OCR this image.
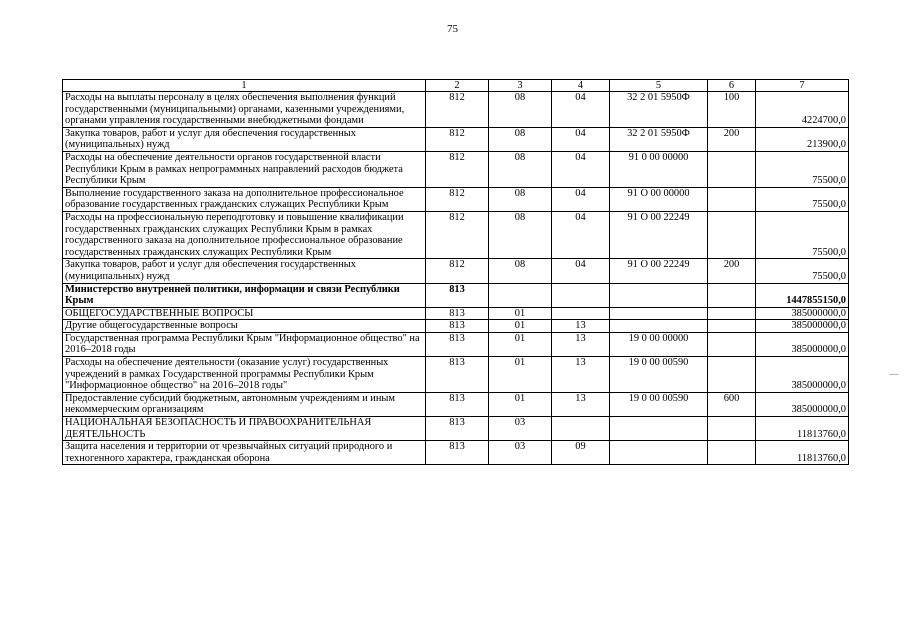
75
1	2	3	4	5	6	7
Расходы на выплаты персоналу в целях обеспечения выполнения функций государственными (муниципальными) органами, казенными учреждениями, органами управления государственными внебюджетными фондами	812	08	04	32 2 01 5950Ф	100	4224700,0
Закупка товаров, работ и услуг для обеспечения государственных (муниципальных) нужд	812	08	04	32 2 01 5950Ф	200	213900,0
Расходы на обеспечение деятельности органов государственной власти Республики Крым в рамках непрограммных направлений расходов бюджета Республики Крым	812	08	04	91 0 00 00000		75500,0
Выполнение государственного заказа на дополнительное профессиональное образование государственных гражданских служащих Республики Крым	812	08	04	91 О 00 00000		75500,0
Расходы на профессиональную переподготовку и повышение квалификации государственных гражданских служащих Республики Крым в рамках государственного заказа на дополнительное профессиональное образование государственных гражданских служащих Республики Крым	812	08	04	91 О 00 22249		75500,0
Закупка товаров, работ и услуг для обеспечения государственных (муниципальных) нужд	812	08	04	91 О 00 22249	200	75500,0
Министерство внутренней политики, информации и связи Республики Крым	813					1447855150,0
ОБЩЕГОСУДАРСТВЕННЫЕ ВОПРОСЫ	813	01				385000000,0
Другие общегосударственные вопросы	813	01	13			385000000,0
Государственная программа Республики Крым "Информационное общество" на 2016–2018 годы	813	01	13	19 0 00 00000		385000000,0
Расходы на обеспечение деятельности (оказание услуг) государственных учреждений в рамках Государственной программы Республики Крым "Информационное общество" на 2016–2018 годы"	813	01	13	19 0 00 00590		385000000,0
Предоставление субсидий бюджетным, автономным учреждениям и иным некоммерческим организациям	813	01	13	19 0 00 00590	600	385000000,0
НАЦИОНАЛЬНАЯ БЕЗОПАСНОСТЬ И ПРАВООХРАНИТЕЛЬНАЯ ДЕЯТЕЛЬНОСТЬ	813	03				11813760,0
Защита населения и территории от чрезвычайных ситуаций природного и техногенного характера, гражданская оборона	813	03	09			11813760,0
